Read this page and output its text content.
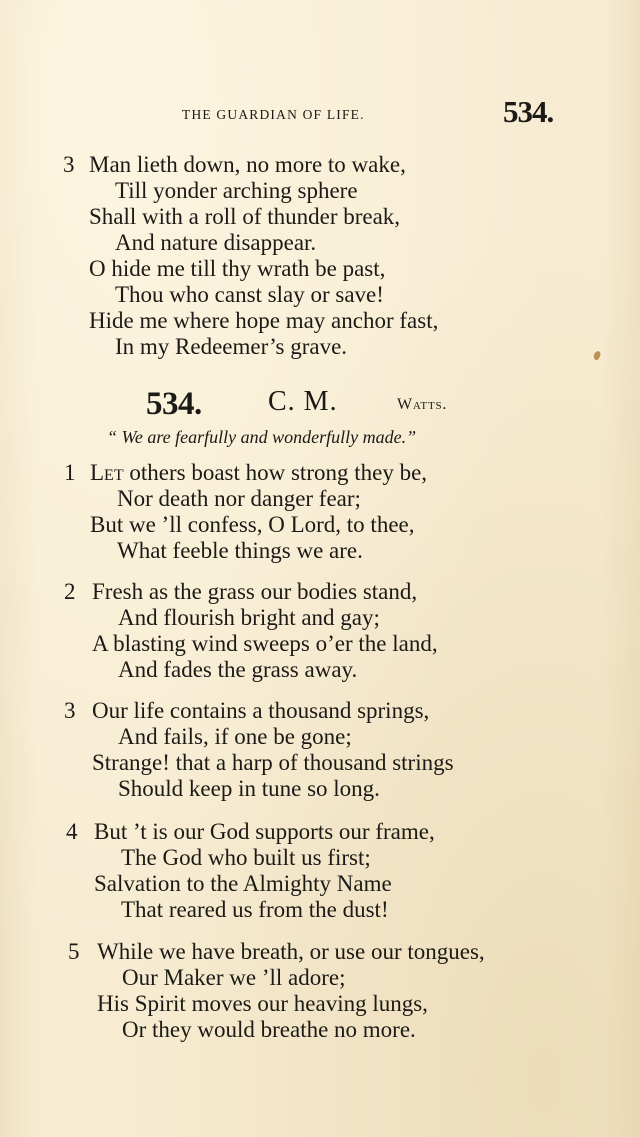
THE GUARDIAN OF LIFE.	534.
3 Man lieth down, no more to wake,
Till yonder arching sphere
Shall with a roll of thunder break,
And nature disappear.
O hide me till thy wrath be past,
Thou who canst slay or save!
Hide me where hope may anchor fast,
In my Redeemer’s grave.
534. C. M.	Watts.
“ We are fearfully and wonderfully made.”
1 Let others boast how strong they be,
Nor death nor danger fear;
But we ’ll confess, O Lord, to thee,
What feeble things we are.
2 Fresh as the grass our bodies stand,
And flourish bright and gay;
A blasting wind sweeps o’er the land,
And fades the grass away.
3 Our life contains a thousand springs,
And fails, if one be gone;
Strange! that a harp of thousand strings
Should keep in tune so long.
4 But ’t is our God supports our frame,
The God who built us first;
Salvation to the Almighty Name
That reared us from the dust!
5 While we have breath, or use our tongues,
Our Maker we ’ll adore;
His Spirit moves our heaving lungs,
Or they would breathe no more.
